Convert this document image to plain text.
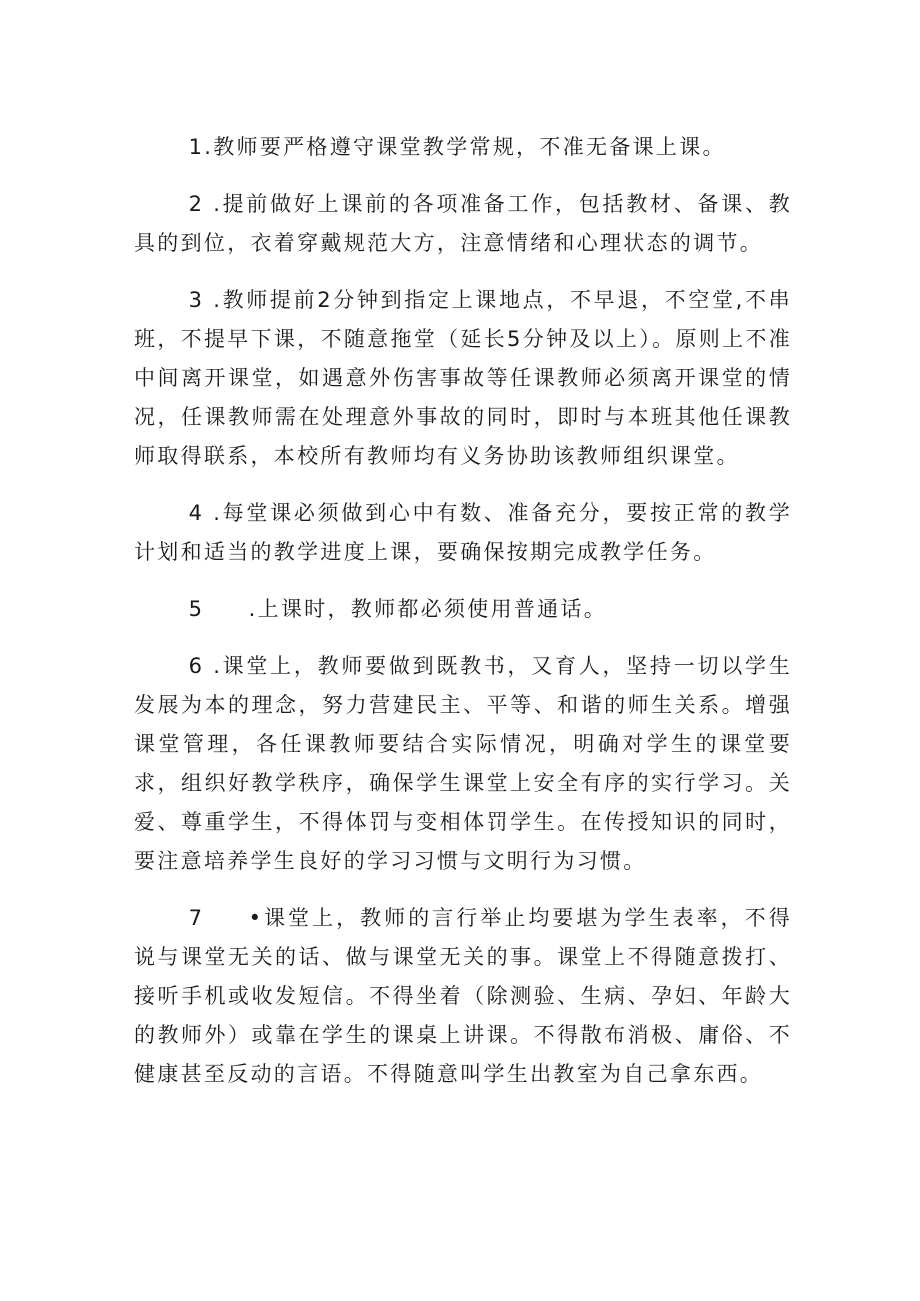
1.教师要严格遵守课堂教学常规，不准无备课上课。

2 .提前做好上课前的各项准备工作，包括教材、备课、教具的到位，衣着穿戴规范大方，注意情绪和心理状态的调节。

3 .教师提前2分钟到指定上课地点，不早退，不空堂,不串班，不提早下课，不随意拖堂（延长5分钟及以上）。原则上不准中间离开课堂，如遇意外伤害事故等任课教师必须离开课堂的情况，任课教师需在处理意外事故的同时，即时与本班其他任课教师取得联系，本校所有教师均有义务协助该教师组织课堂。

4 .每堂课必须做到心中有数、准备充分，要按正常的教学计划和适当的教学进度上课，要确保按期完成教学任务。

5 .上课时，教师都必须使用普通话。

6 .课堂上，教师要做到既教书，又育人，坚持一切以学生发展为本的理念，努力营建民主、平等、和谐的师生关系。增强课堂管理，各任课教师要结合实际情况，明确对学生的课堂要求，组织好教学秩序，确保学生课堂上安全有序的实行学习。关爱、尊重学生，不得体罚与变相体罚学生。在传授知识的同时，要注意培养学生良好的学习习惯与文明行为习惯。

7 •课堂上，教师的言行举止均要堪为学生表率，不得说与课堂无关的话、做与课堂无关的事。课堂上不得随意拨打、接听手机或收发短信。不得坐着（除测验、生病、孕妇、年龄大的教师外）或靠在学生的课桌上讲课。不得散布消极、庸俗、不健康甚至反动的言语。不得随意叫学生出教室为自己拿东西。
